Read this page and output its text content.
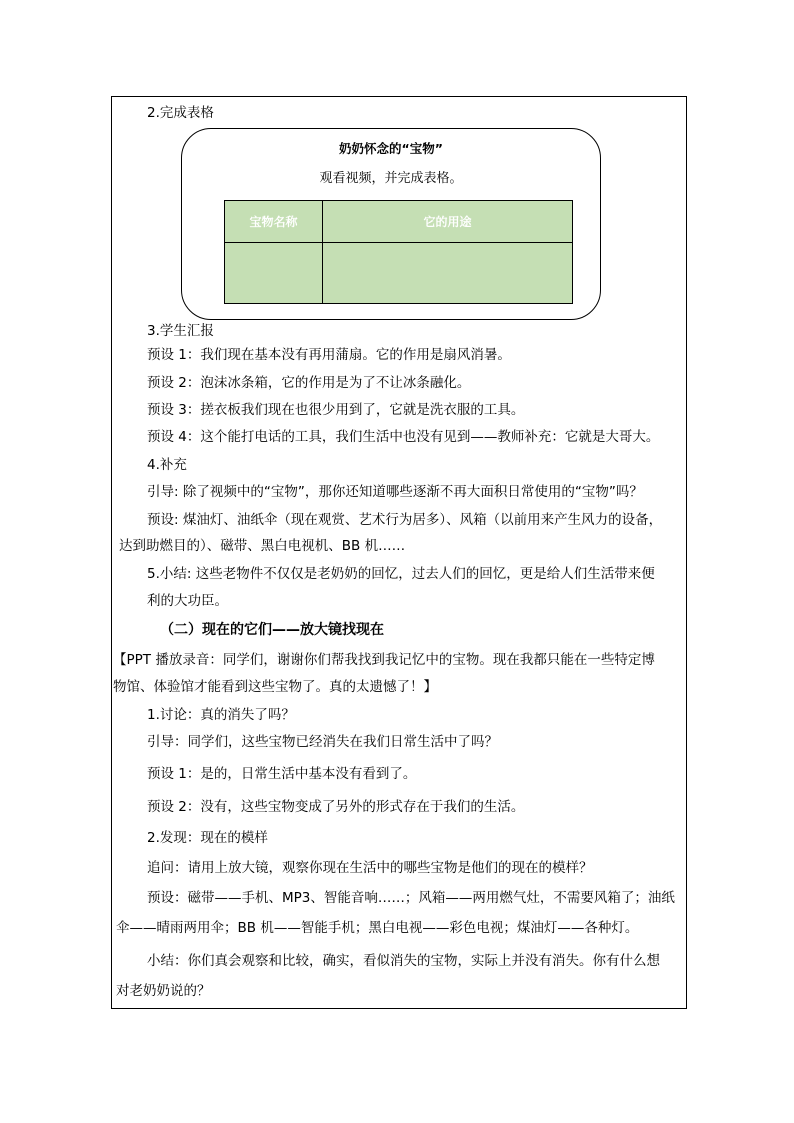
2.完成表格
奶奶怀念的“宝物”
观看视频，并完成表格。
宝物名称	它的用途

3.学生汇报
预设 1：我们现在基本没有再用蒲扇。它的作用是扇风消暑。
预设 2：泡沫冰条箱，它的作用是为了不让冰条融化。
预设 3：搓衣板我们现在也很少用到了，它就是洗衣服的工具。
预设 4：这个能打电话的工具，我们生活中也没有见到——教师补充：它就是大哥大。
4.补充
引导: 除了视频中的“宝物”，那你还知道哪些逐渐不再大面积日常使用的“宝物”吗？
预设: 煤油灯、油纸伞（现在观赏、艺术行为居多）、风箱（以前用来产生风力的设备，
达到助燃目的）、磁带、黑白电视机、BB 机……
5.小结: 这些老物件不仅仅是老奶奶的回忆，过去人们的回忆，更是给人们生活带来便
利的大功臣。
（二）现在的它们——放大镜找现在
【PPT 播放录音：同学们，谢谢你们帮我找到我记忆中的宝物。现在我都只能在一些特定博
物馆、体验馆才能看到这些宝物了。真的太遗憾了！】
1.讨论：真的消失了吗？
引导：同学们，这些宝物已经消失在我们日常生活中了吗？
预设 1：是的，日常生活中基本没有看到了。
预设 2：没有，这些宝物变成了另外的形式存在于我们的生活。
2.发现：现在的模样
追问：请用上放大镜，观察你现在生活中的哪些宝物是他们的现在的模样？
预设：磁带——手机、MP3、智能音响……；风箱——两用燃气灶，不需要风箱了；油纸
伞——晴雨两用伞；BB 机——智能手机；黑白电视——彩色电视；煤油灯——各种灯。
小结：你们真会观察和比较，确实，看似消失的宝物，实际上并没有消失。你有什么想
对老奶奶说的？
